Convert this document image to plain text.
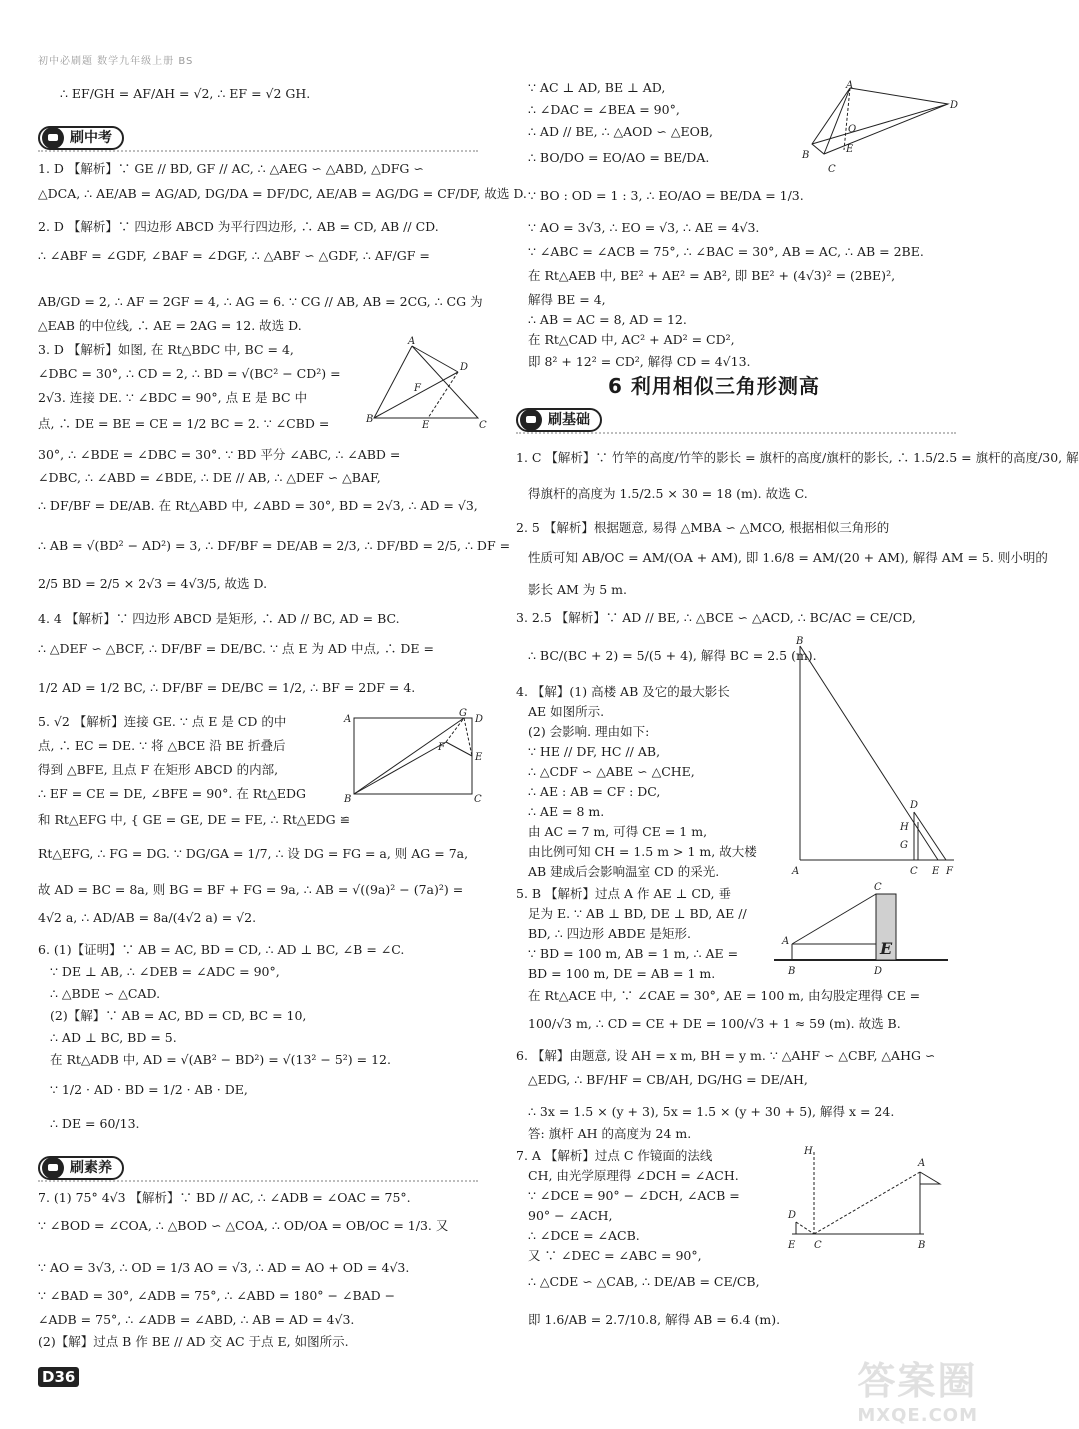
初中必刷题 数学九年级上册 BS
∴ EF/GH = AF/AH = √2, ∴ EF = √2 GH.
刷中考
1. D 【解析】∵ GE // BD, GF // AC, ∴ △AEG ∽ △ABD, △DFG ∽
△DCA, ∴ AE/AB = AG/AD, DG/DA = DF/DC, AE/AB = AG/DG = CF/DF, 故选 D.
2. D 【解析】∵ 四边形 ABCD 为平行四边形, ∴ AB = CD, AB // CD.
∴ ∠ABF = ∠GDF, ∠BAF = ∠DGF, ∴ △ABF ∽ △GDF, ∴ AF/GF =
AB/GD = 2, ∴ AF = 2GF = 4, ∴ AG = 6. ∵ CG // AB, AB = 2CG, ∴ CG 为
△EAB 的中位线, ∴ AE = 2AG = 12. 故选 D.
3. D 【解析】如图, 在 Rt△BDC 中, BC = 4,
∠DBC = 30°, ∴ CD = 2, ∴ BD = √(BC² − CD²) =
2√3. 连接 DE. ∵ ∠BDC = 90°, 点 E 是 BC 中
点, ∴ DE = BE = CE = 1/2 BC = 2. ∵ ∠CBD =
30°, ∴ ∠BDE = ∠DBC = 30°. ∵ BD 平分 ∠ABC, ∴ ∠ABD =
∠DBC, ∴ ∠ABD = ∠BDE, ∴ DE // AB, ∴ △DEF ∽ △BAF,
∴ DF/BF = DE/AB. 在 Rt△ABD 中, ∠ABD = 30°, BD = 2√3, ∴ AD = √3,
∴ AB = √(BD² − AD²) = 3, ∴ DF/BF = DE/AB = 2/3, ∴ DF/BD = 2/5, ∴ DF =
2/5 BD = 2/5 × 2√3 = 4√3/5, 故选 D.
4. 4 【解析】∵ 四边形 ABCD 是矩形, ∴ AD // BC, AD = BC.
∴ △DEF ∽ △BCF, ∴ DF/BF = DE/BC. ∵ 点 E 为 AD 中点, ∴ DE =
1/2 AD = 1/2 BC, ∴ DF/BF = DE/BC = 1/2, ∴ BF = 2DF = 4.
5. √2 【解析】连接 GE. ∵ 点 E 是 CD 的中
点, ∴ EC = DE. ∵ 将 △BCE 沿 BE 折叠后
得到 △BFE, 且点 F 在矩形 ABCD 的内部,
∴ EF = CE = DE, ∠BFE = 90°. 在 Rt△EDG
和 Rt△EFG 中, { GE = GE, DE = FE, ∴ Rt△EDG ≌
Rt△EFG, ∴ FG = DG. ∵ DG/GA = 1/7, ∴ 设 DG = FG = a, 则 AG = 7a,
故 AD = BC = 8a, 则 BG = BF + FG = 9a, ∴ AB = √((9a)² − (7a)²) =
4√2 a, ∴ AD/AB = 8a/(4√2 a) = √2.
6. (1)【证明】∵ AB = AC, BD = CD, ∴ AD ⊥ BC, ∠B = ∠C.
∵ DE ⊥ AB, ∴ ∠DEB = ∠ADC = 90°,
∴ △BDE ∽ △CAD.
(2)【解】∵ AB = AC, BD = CD, BC = 10,
∴ AD ⊥ BC, BD = 5.
在 Rt△ADB 中, AD = √(AB² − BD²) = √(13² − 5²) = 12.
∵ 1/2 · AD · BD = 1/2 · AB · DE,
∴ DE = 60/13.
刷素养
7. (1) 75° 4√3 【解析】∵ BD // AC, ∴ ∠ADB = ∠OAC = 75°.
∵ ∠BOD = ∠COA, ∴ △BOD ∽ △COA, ∴ OD/OA = OB/OC = 1/3. 又
∵ AO = 3√3, ∴ OD = 1/3 AO = √3, ∴ AD = AO + OD = 4√3.
∵ ∠BAD = 30°, ∠ADB = 75°, ∴ ∠ABD = 180° − ∠BAD −
∠ADB = 75°, ∴ ∠ADB = ∠ABD, ∴ AB = AD = 4√3.
(2)【解】过点 B 作 BE // AD 交 AC 于点 E, 如图所示.
A
D
F
B
E	C
A
G
D
F
E
B	C
∵ AC ⊥ AD, BE ⊥ AD,
∴ ∠DAC = ∠BEA = 90°,
∴ AD // BE, ∴ △AOD ∽ △EOB,
∴ BO/DO = EO/AO = BE/DA.
∵ BO : OD = 1 : 3, ∴ EO/AO = BE/DA = 1/3.
∵ AO = 3√3, ∴ EO = √3, ∴ AE = 4√3.
∵ ∠ABC = ∠ACB = 75°, ∴ ∠BAC = 30°, AB = AC, ∴ AB = 2BE.
在 Rt△AEB 中, BE² + AE² = AB², 即 BE² + (4√3)² = (2BE)²,
解得 BE = 4,
∴ AB = AC = 8, AD = 12.
在 Rt△CAD 中, AC² + AD² = CD²,
即 8² + 12² = CD², 解得 CD = 4√13.
6 利用相似三角形测高
刷基础
1. C 【解析】∵ 竹竿的高度/竹竿的影长 = 旗杆的高度/旗杆的影长, ∴ 1.5/2.5 = 旗杆的高度/30, 解
得旗杆的高度为 1.5/2.5 × 30 = 18 (m). 故选 C.
2. 5 【解析】根据题意, 易得 △MBA ∽ △MCO, 根据相似三角形的
性质可知 AB/OC = AM/(OA + AM), 即 1.6/8 = AM/(20 + AM), 解得 AM = 5. 则小明的
影长 AM 为 5 m.
3. 2.5 【解析】∵ AD // BE, ∴ △BCE ∽ △ACD, ∴ BC/AC = CE/CD,
∴ BC/(BC + 2) = 5/(5 + 4), 解得 BC = 2.5 (m).
4. 【解】(1) 高楼 AB 及它的最大影长
AE 如图所示.
(2) 会影响. 理由如下:
∵ HE // DF, HC // AB,
∴ △CDF ∽ △ABE ∽ △CHE,
∴ AE : AB = CF : DC,
∴ AE = 8 m.
由 AC = 7 m, 可得 CE = 1 m,
由比例可知 CH = 1.5 m > 1 m, 故大楼
AB 建成后会影响温室 CD 的采光.
5. B 【解析】过点 A 作 AE ⊥ CD, 垂
足为 E. ∵ AB ⊥ BD, DE ⊥ BD, AE //
BD, ∴ 四边形 ABDE 是矩形.
∵ BD = 100 m, AB = 1 m, ∴ AE =
BD = 100 m, DE = AB = 1 m.
在 Rt△ACE 中, ∵ ∠CAE = 30°, AE = 100 m, 由勾股定理得 CE =
100/√3 m, ∴ CD = CE + DE = 100/√3 + 1 ≈ 59 (m). 故选 B.
6. 【解】由题意, 设 AH = x m, BH = y m. ∵ △AHF ∽ △CBF, △AHG ∽
△EDG, ∴ BF/HF = CB/AH, DG/HG = DE/AH,
∴ 3x = 1.5 × (y + 3), 5x = 1.5 × (y + 30 + 5), 解得 x = 24.
答: 旗杆 AH 的高度为 24 m.
7. A 【解析】过点 C 作镜面的法线
CH, 由光学原理得 ∠DCH = ∠ACH.
∵ ∠DCE = 90° − ∠DCH, ∠ACB =
90° − ∠ACH,
∴ ∠DCE = ∠ACB.
又 ∵ ∠DEC = ∠ABC = 90°,
∴ △CDE ∽ △CAB, ∴ DE/AB = CE/CB,
即 1.6/AB = 2.7/10.8, 解得 AB = 6.4 (m).
A
D
O
E
B
C
B
D
H
G
A	C E F
C
A	E
B	D
H
A
D
E C	B
D36	答案圈
MXQE.COM
